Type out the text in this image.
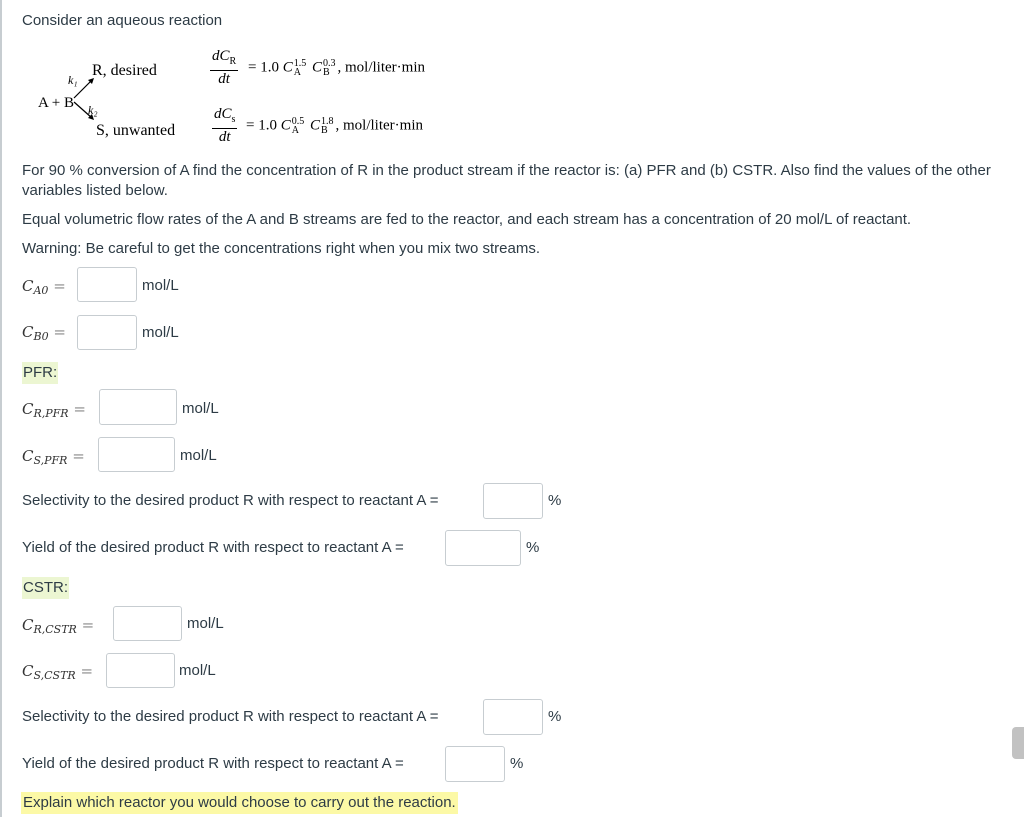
Consider an aqueous reaction
A + B
k₁
k₂
R, desired
S, unwanted
$dC_R$
dt
= 1.0 C 1.5
A C 0.3
B , mol/liter·min
$dC_s$
dt
= 1.0 C 0.5
A C 1.8
B , mol/liter·min
For 90 % conversion of A find the concentration of R in the product stream if the reactor is: (a) PFR and (b) CSTR. Also find the values of the other variables listed below.
Equal volumetric flow rates of the A and B streams are fed to the reactor, and each stream has a concentration of 20 mol/L of reactant.
Warning: Be careful to get the concentrations right when you mix two streams.
$C_{A0}$ =	mol/L
$C_{B0}$ =	mol/L
PFR:
$C_{R,PFR}$ =	mol/L
$C_{S,PFR}$ =	mol/L
Selectivity to the desired product R with respect to reactant A =	%
Yield of the desired product R with respect to reactant A =	%
CSTR:
$C_{R,CSTR}$ =	mol/L
$C_{S,CSTR}$ =	mol/L
Selectivity to the desired product R with respect to reactant A =	%
Yield of the desired product R with respect to reactant A =	%
Explain which reactor you would choose to carry out the reaction.
